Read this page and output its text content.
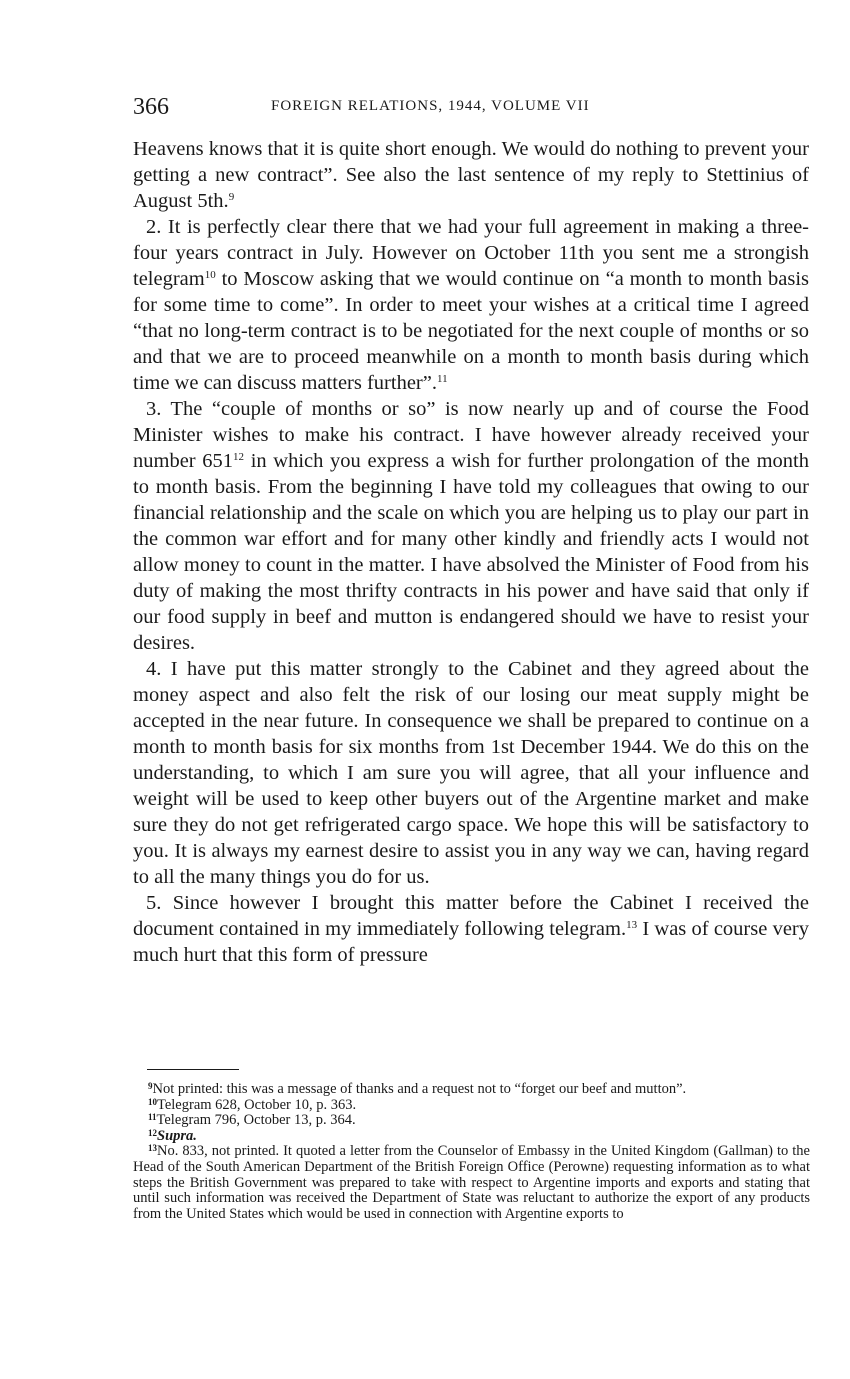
366	FOREIGN RELATIONS, 1944, VOLUME VII

Heavens knows that it is quite short enough. We would do nothing to prevent your getting a new contract”. See also the last sentence of my reply to Stettinius of August 5th.$^9$

2. It is perfectly clear there that we had your full agreement in making a three-four years contract in July. However on October 11th you sent me a strongish telegram$^{10}$ to Moscow asking that we would continue on “a month to month basis for some time to come”. In order to meet your wishes at a critical time I agreed “that no long-term contract is to be negotiated for the next couple of months or so and that we are to proceed meanwhile on a month to month basis during which time we can discuss matters further”.$^{11}$

3. The “couple of months or so” is now nearly up and of course the Food Minister wishes to make his contract. I have however already received your number $651^{12}$ in which you express a wish for further prolongation of the month to month basis. From the beginning I have told my colleagues that owing to our financial relationship and the scale on which you are helping us to play our part in the common war effort and for many other kindly and friendly acts I would not allow money to count in the matter. I have absolved the Minister of Food from his duty of making the most thrifty contracts in his power and have said that only if our food supply in beef and mutton is endangered should we have to resist your desires.

4. I have put this matter strongly to the Cabinet and they agreed about the money aspect and also felt the risk of our losing our meat supply might be accepted in the near future. In consequence we shall be prepared to continue on a month to month basis for six months from 1st December 1944. We do this on the understanding, to which I am sure you will agree, that all your influence and weight will be used to keep other buyers out of the Argentine market and make sure they do not get refrigerated cargo space. We hope this will be satisfactory to you. It is always my earnest desire to assist you in any way we can, having regard to all the many things you do for us.

5. Since however I brought this matter before the Cabinet I received the document contained in my immediately following telegram.$^{13}$ I was of course very much hurt that this form of pressure

$^9$Not printed: this was a message of thanks and a request not to “forget our beef and mutton”.

$^{10}$Telegram 628, October 10, p. 363.

$^{11}$Telegram 796, October 13, p. 364.

$^{12}$Supra.

$^{13}$No. 833, not printed. It quoted a letter from the Counselor of Embassy in the United Kingdom (Gallman) to the Head of the South American Department of the British Foreign Office (Perowne) requesting information as to what steps the British Government was prepared to take with respect to Argentine imports and exports and stating that until such information was received the Department of State was reluctant to authorize the export of any products from the United States which would be used in connection with Argentine exports to
